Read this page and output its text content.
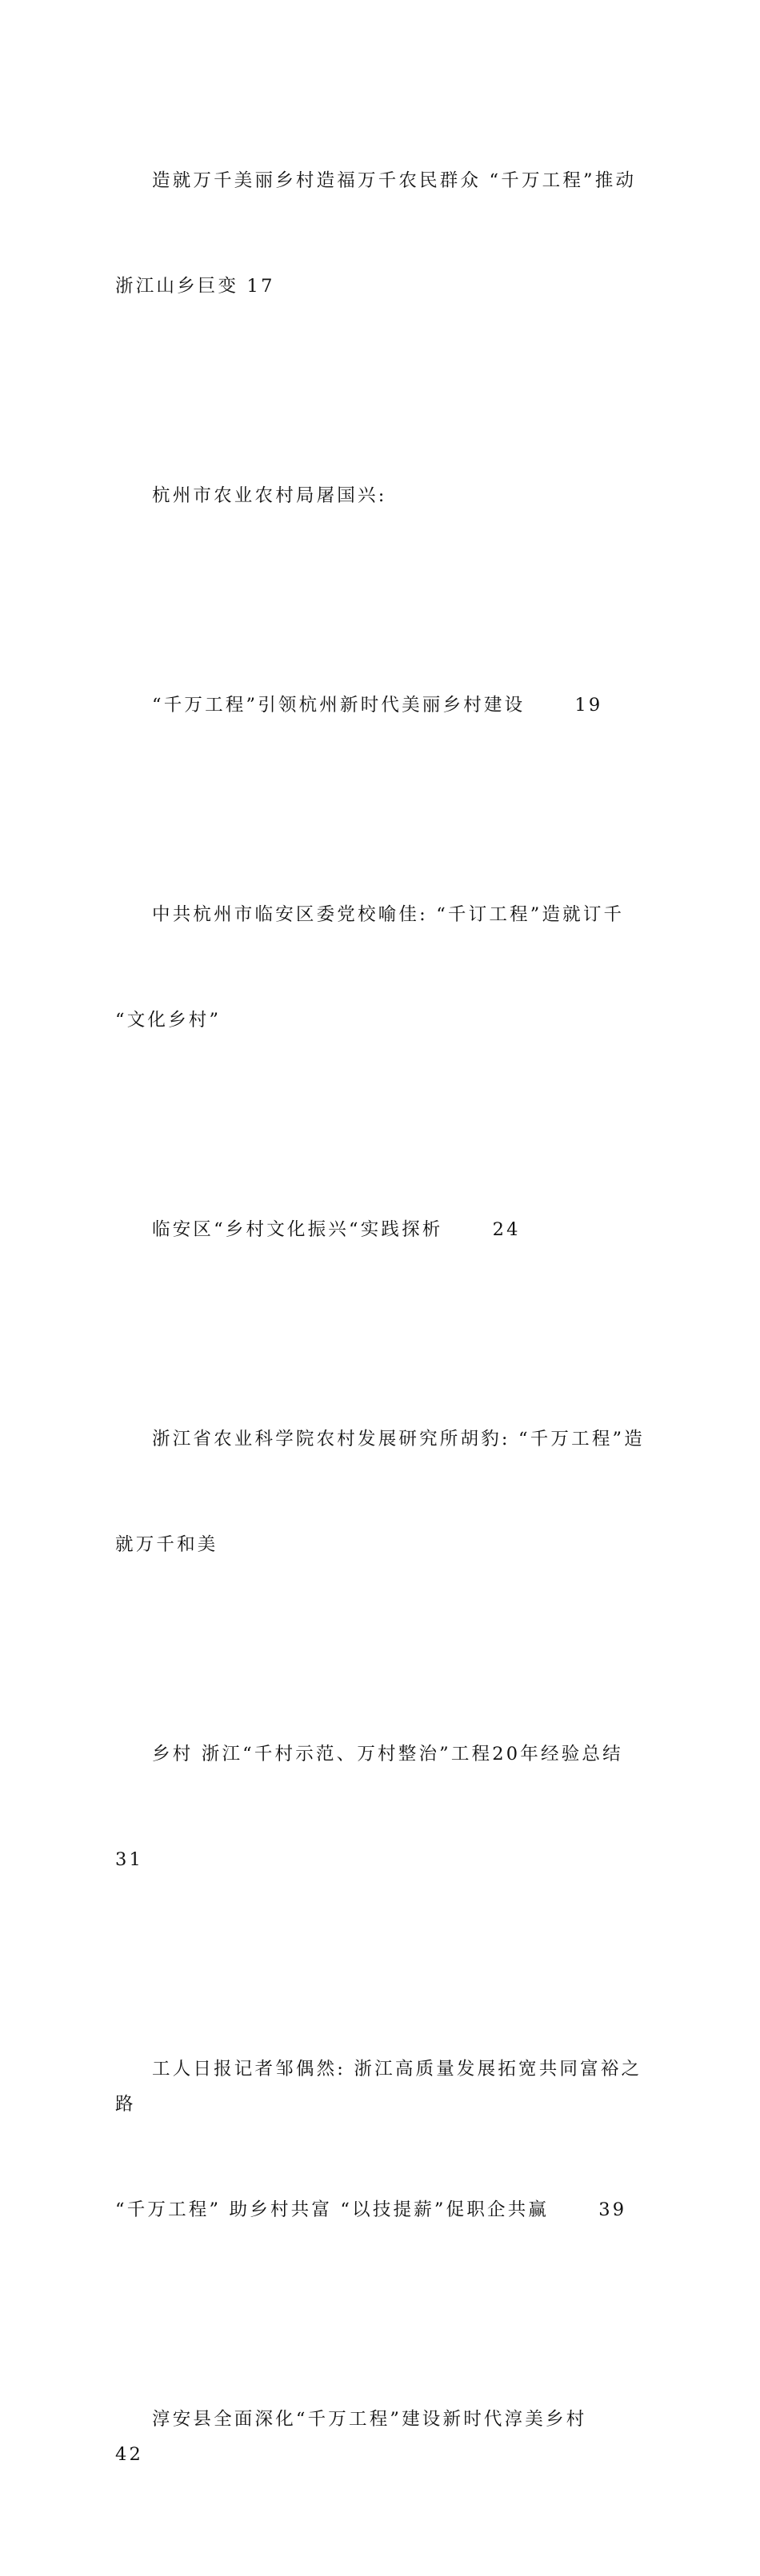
造就万千美丽乡村造福万千农民群众 “千万工程”推动

浙江山乡巨变 17

杭州市农业农村局屠国兴:

“千万工程”引领杭州新时代美丽乡村建设      19

中共杭州市临安区委党校喻佳: “千订工程”造就订千

“文化乡村”

临安区“乡村文化振兴“实践探析      24

浙江省农业科学院农村发展研究所胡豹: “千万工程”造

就万千和美

乡村 浙江“千村示范、万村整治”工程20年经验总结

31

工人日报记者邹偶然: 浙江高质量发展拓宽共同富裕之路

“千万工程” 助乡村共富 “以技提薪”促职企共赢      39

淳安县全面深化“千万工程”建设新时代淳美乡村      42
